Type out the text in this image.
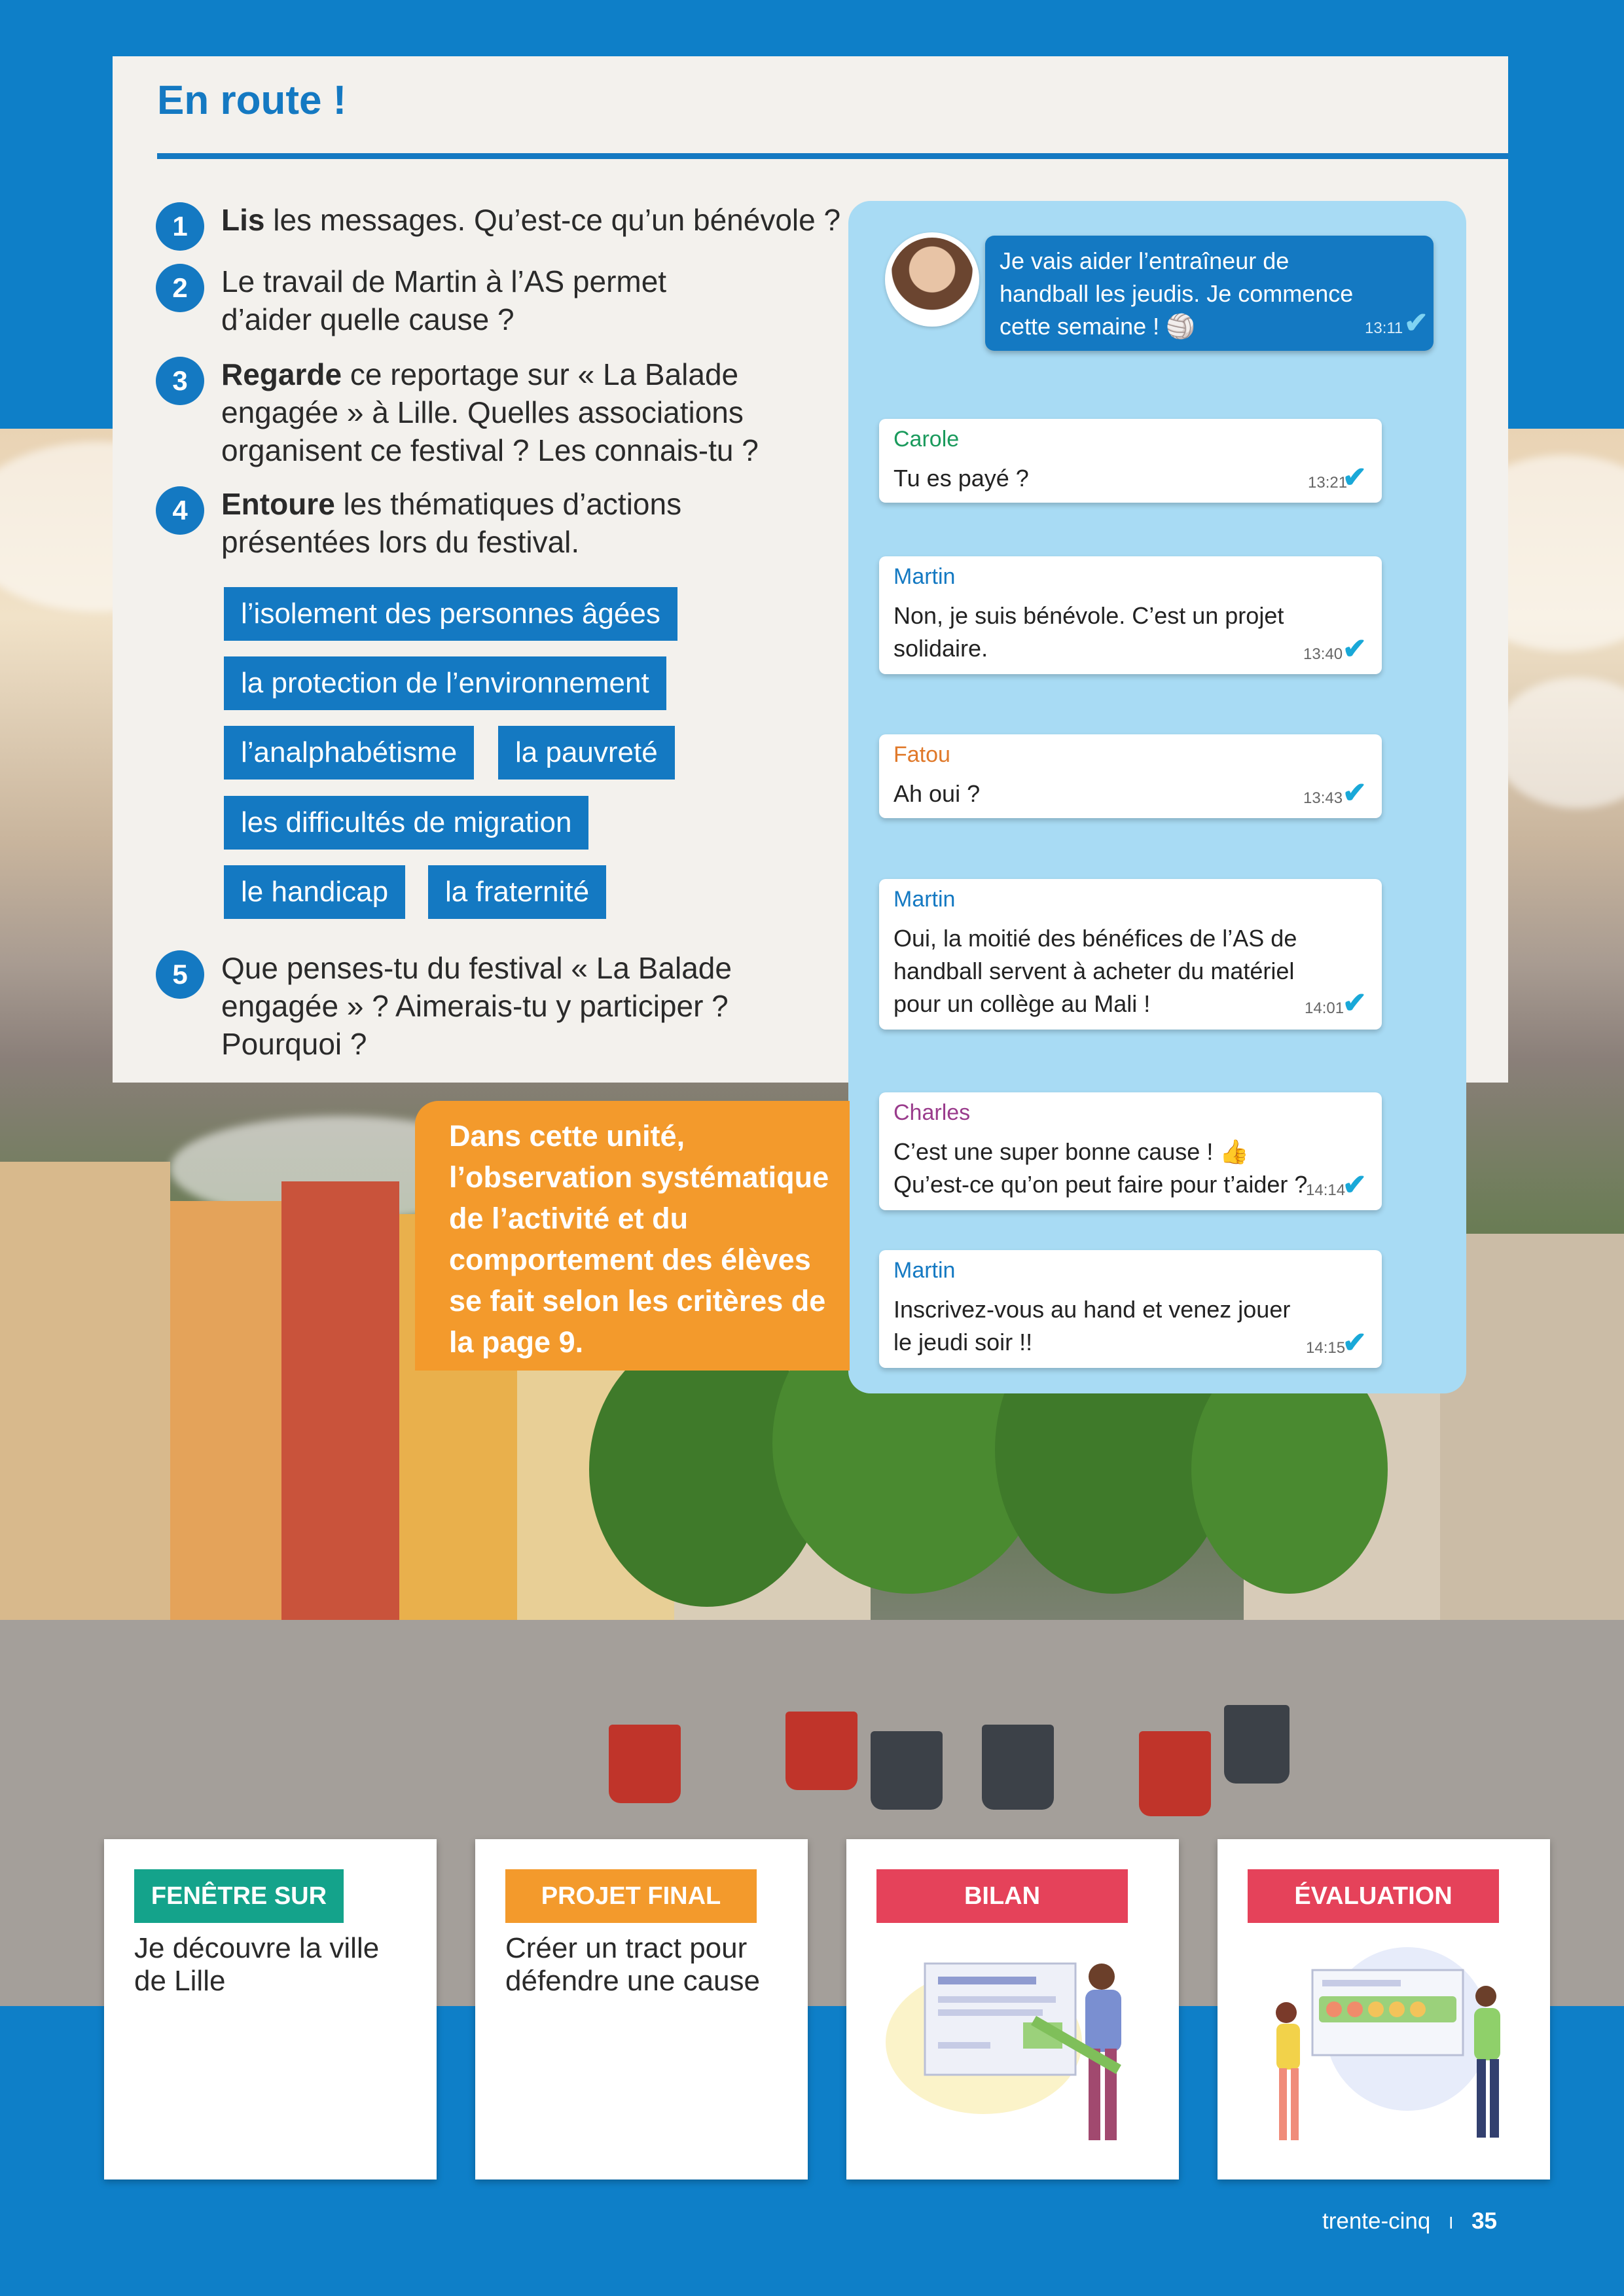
En route !
1	Lis les messages. Qu’est-ce qu’un bénévole ?
2	Le travail de Martin à l’AS permet d’aider quelle cause ?
3	Regarde ce reportage sur « La Balade engagée » à Lille. Quelles associations organisent ce festival ? Les connais-tu ?
4	Entoure les thématiques d’actions présentées lors du festival.
l’isolement des personnes âgées
la protection de l’environnement
l’analphabétisme	la pauvreté
les difficultés de migration
le handicap	la fraternité
5	Que penses-tu du festival « La Balade engagée » ? Aimerais-tu y participer ? Pourquoi ?
Je vais aider l’entraîneur de handball les jeudis. Je commence cette semaine ! 🏐	13:11 ✔
Carole
Tu es payé ?	13:21
✔
Martin
Non, je suis bénévole. C’est un projet solidaire.	13:40 ✔
Fatou
Ah oui ?	13:43 ✔
Martin
Oui, la moitié des bénéfices de l’AS de handball servent à acheter du matériel pour un collège au Mali !	14:01
✔
Charles
C’est une super bonne cause ! 👍 Qu’est-ce qu’on peut faire pour t’aider ?
14:14
✔
Martin
Inscrivez-vous au hand et venez jouer le jeudi soir !!	14:15
✔
Dans cette unité, l’observation systématique de l’activité et du comportement des élèves se fait selon les critères de la page 9.
FENÊTRE SUR
Je découvre la ville de Lille
PROJET FINAL
Créer un tract pour défendre une cause
BILAN	ÉVALUATION
trente-cinq I 35
